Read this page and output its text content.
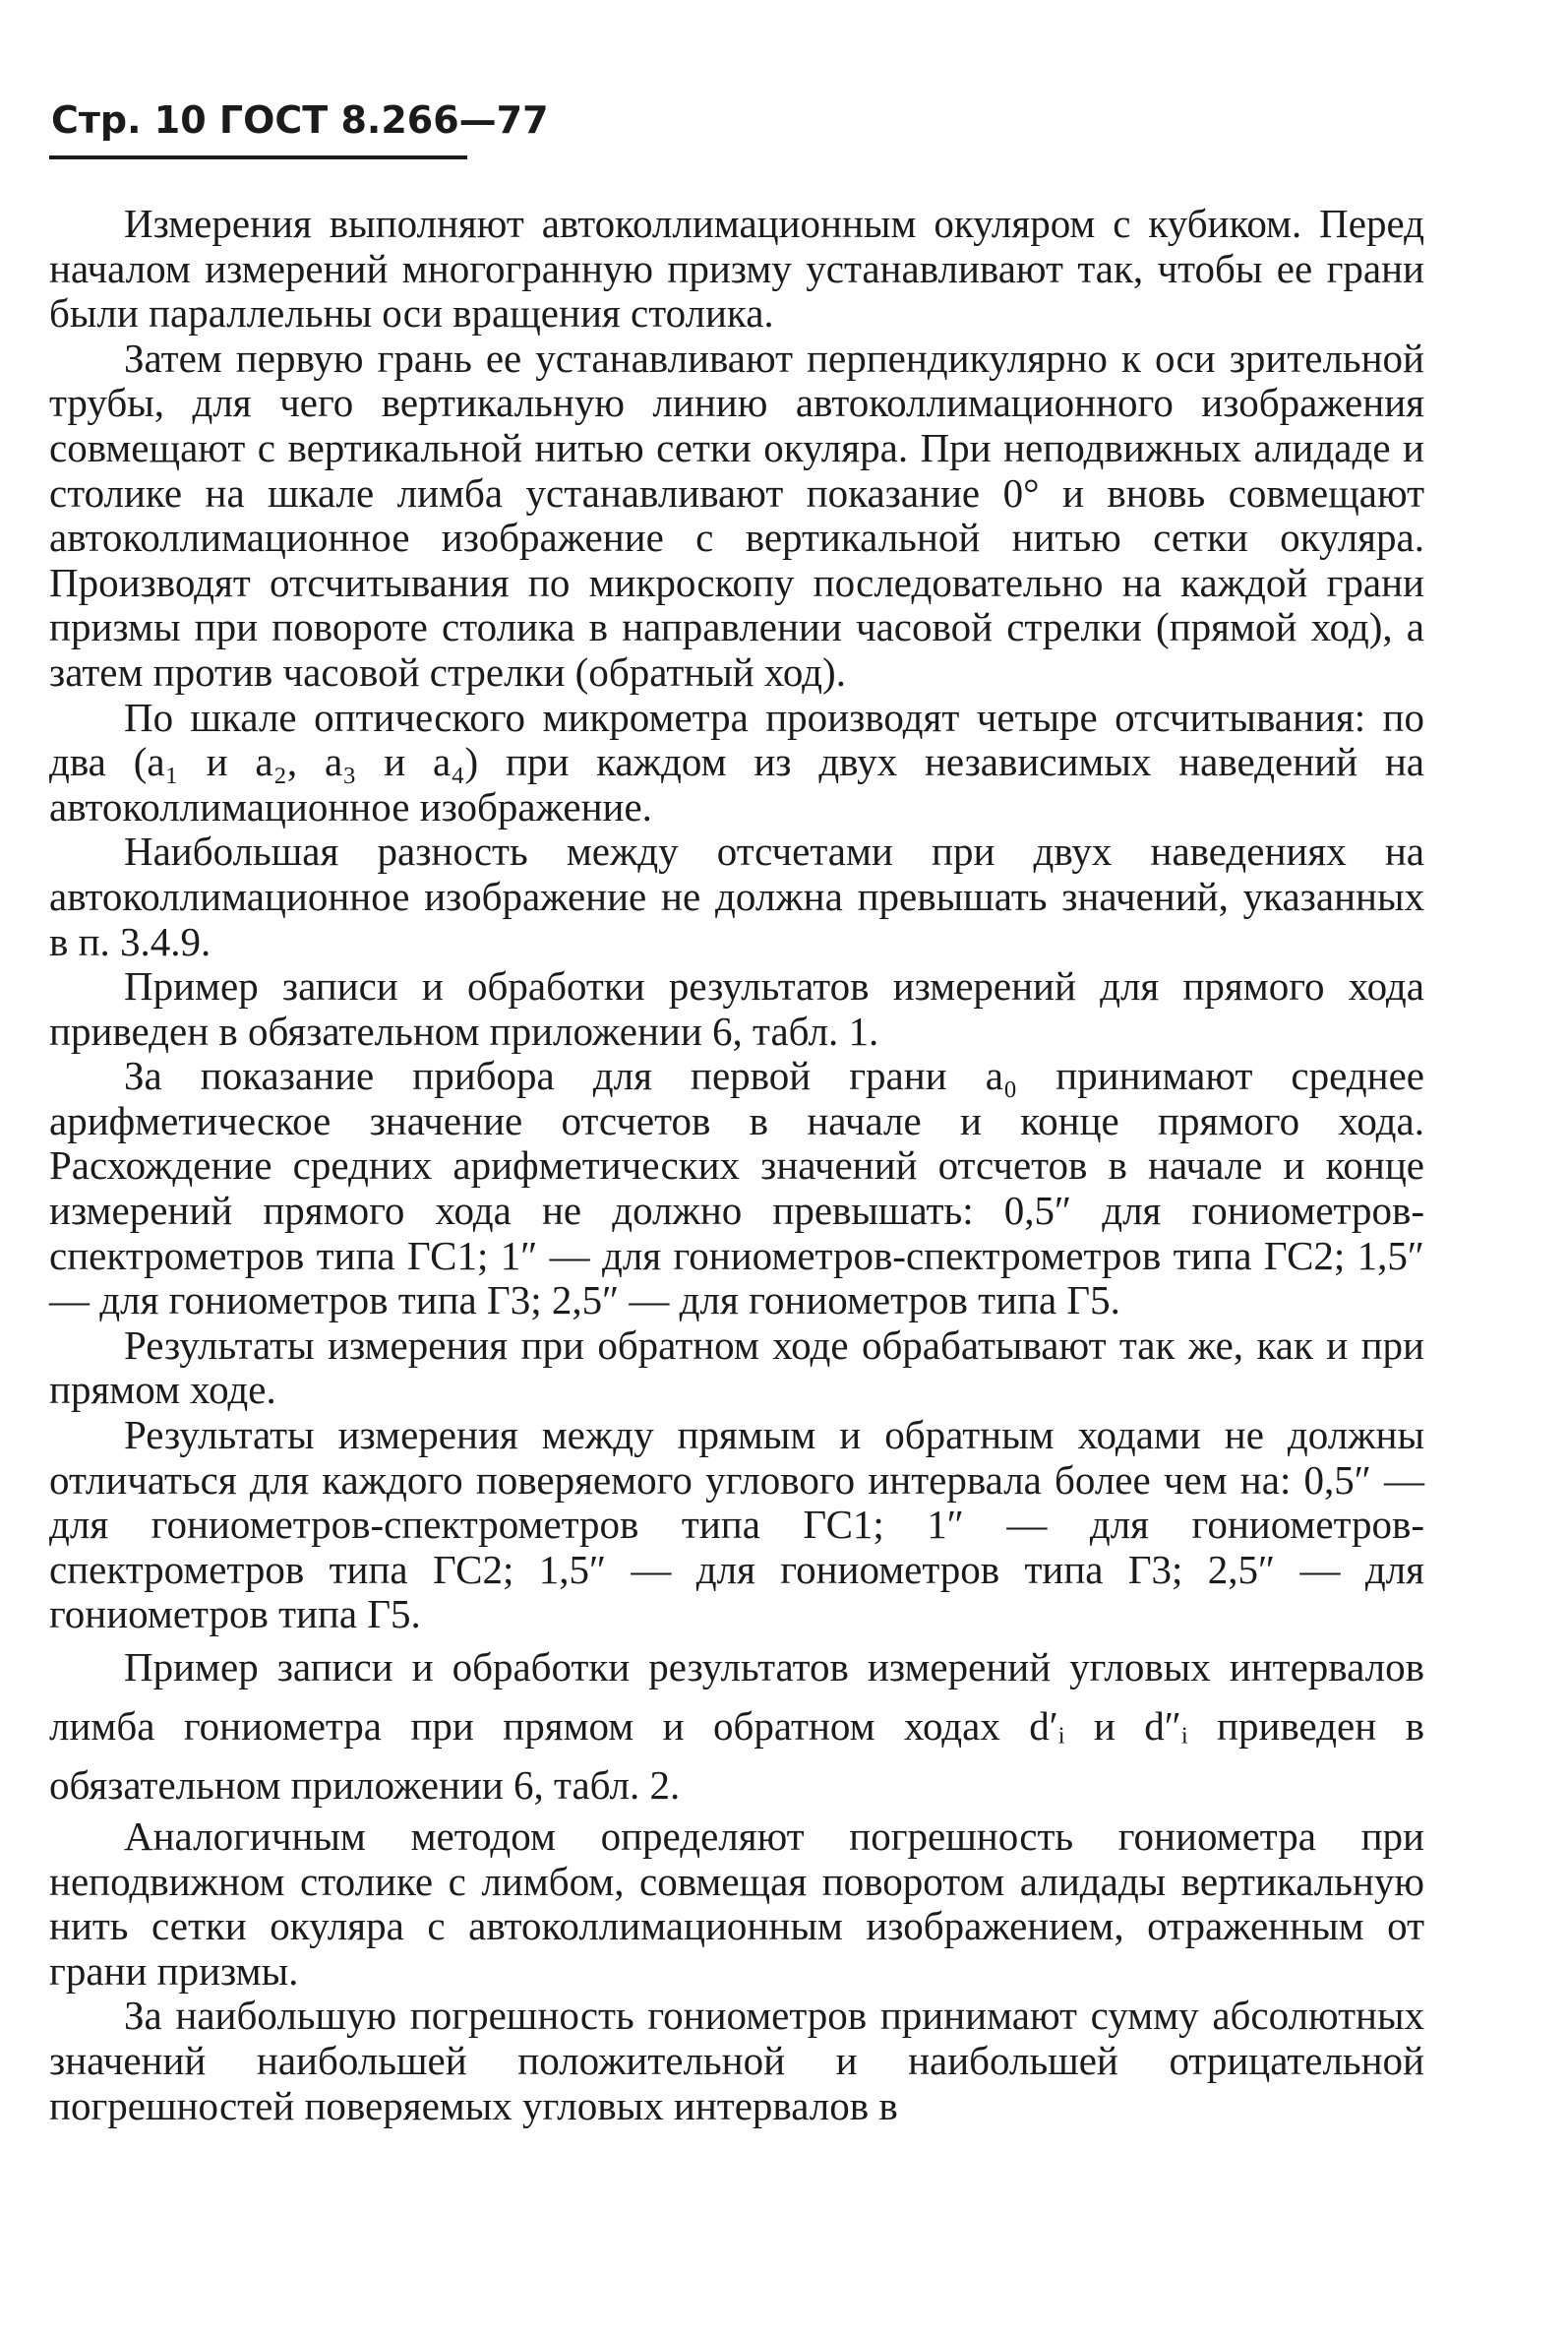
Стр. 10 ГОСТ 8.266—77

Измерения выполняют автоколлимационным окуляром с кубиком. Перед началом измерений многогранную призму устанавливают так, чтобы ее грани были параллельны оси вращения столика.

Затем первую грань ее устанавливают перпендикулярно к оси зрительной трубы, для чего вертикальную линию автоколлимационного изображения совмещают с вертикальной нитью сетки окуляра. При неподвижных алидаде и столике на шкале лимба устанавливают показание 0° и вновь совмещают автоколлимационное изображение с вертикальной нитью сетки окуляра. Производят отсчитывания по микроскопу последовательно на каждой грани призмы при повороте столика в направлении часовой стрелки (прямой ход), а затем против часовой стрелки (обратный ход).

По шкале оптического микрометра производят четыре отсчитывания: по два (a₁ и a₂, a₃ и a₄) при каждом из двух независимых наведений на автоколлимационное изображение.

Наибольшая разность между отсчетами при двух наведениях на автоколлимационное изображение не должна превышать значений, указанных в п. 3.4.9.

Пример записи и обработки результатов измерений для прямого хода приведен в обязательном приложении 6, табл. 1.

За показание прибора для первой грани a₀ принимают среднее арифметическое значение отсчетов в начале и конце прямого хода. Расхождение средних арифметических значений отсчетов в начале и конце измерений прямого хода не должно превышать: 0,5″ для гониометров-спектрометров типа ГС1; 1″ — для гониометров-спектрометров типа ГС2; 1,5″ — для гониометров типа Г3; 2,5″ — для гониометров типа Г5.

Результаты измерения при обратном ходе обрабатывают так же, как и при прямом ходе.

Результаты измерения между прямым и обратным ходами не должны отличаться для каждого поверяемого углового интервала более чем на: 0,5″ — для гониометров-спектрометров типа ГС1; 1″ — для гониометров-спектрометров типа ГС2; 1,5″ — для гониометров типа Г3; 2,5″ — для гониометров типа Г5.

Пример записи и обработки результатов измерений угловых интервалов лимба гониометра при прямом и обратном ходах d′ᵢ и d″ᵢ приведен в обязательном приложении 6, табл. 2.

Аналогичным методом определяют погрешность гониометра при неподвижном столике с лимбом, совмещая поворотом алидады вертикальную нить сетки окуляра с автоколлимационным изображением, отраженным от грани призмы.

За наибольшую погрешность гониометров принимают сумму абсолютных значений наибольшей положительной и наибольшей отрицательной погрешностей поверяемых угловых интервалов в
